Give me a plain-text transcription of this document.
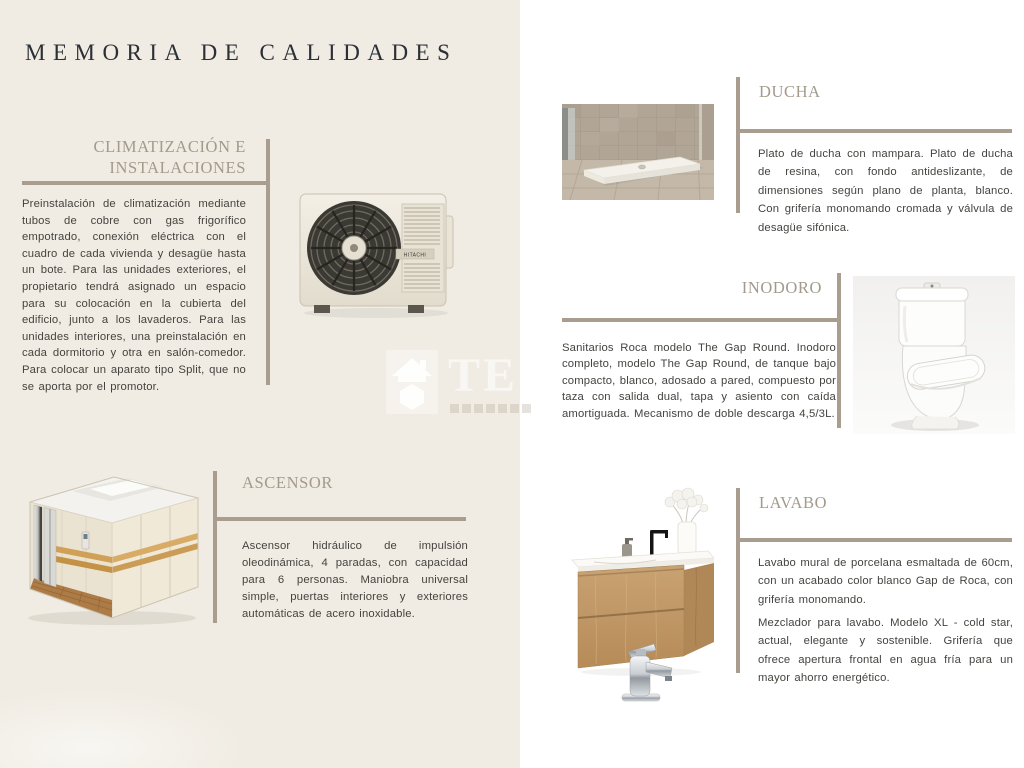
TEC
MEMORIA DE CALIDADES
CLIMATIZACIÓN E
INSTALACIONES

Preinstalación de climatización mediante tubos de cobre con gas frigorífico empotrado, conexión eléctrica con el cuadro de cada vivienda y desagüe hasta un bote. Para las unidades exteriores, el propietario tendrá asignado un espacio para su colocación en la cubierta del edificio, junto a los lavaderos. Para las unidades interiores, una preinstalación en cada dormitorio y otra en salón-comedor. Para colocar un aparato tipo Split, que no se aporta por el promotor.

HITACHI
ASCENSOR

Ascensor hidráulico de impulsión oleodinámica, 4 paradas, con capacidad para 6 personas. Maniobra universal simple, puertas interiores y exteriores automáticas de acero inoxidable.

DUCHA

Plato de ducha con mampara. Plato de ducha de resina, con fondo antideslizante, de dimensiones según plano de planta, blanco. Con grifería monomando cromada y válvula de desagüe sifónica.

INODORO

Sanitarios Roca modelo The Gap Round. Inodoro completo, modelo The Gap Round, de tanque bajo compacto, blanco, adosado a pared, compuesto por taza con salida dual, tapa y asiento con caída amortiguada. Mecanismo de doble descarga 4,5/3L.

LAVABO

Lavabo mural de porcelana esmaltada de 60cm, con un acabado color blanco Gap de Roca, con grifería monomando.

Mezclador para lavabo. Modelo XL - cold star, actual, elegante y sostenible. Grifería que ofrece apertura frontal en agua fría para un mayor ahorro energético.
